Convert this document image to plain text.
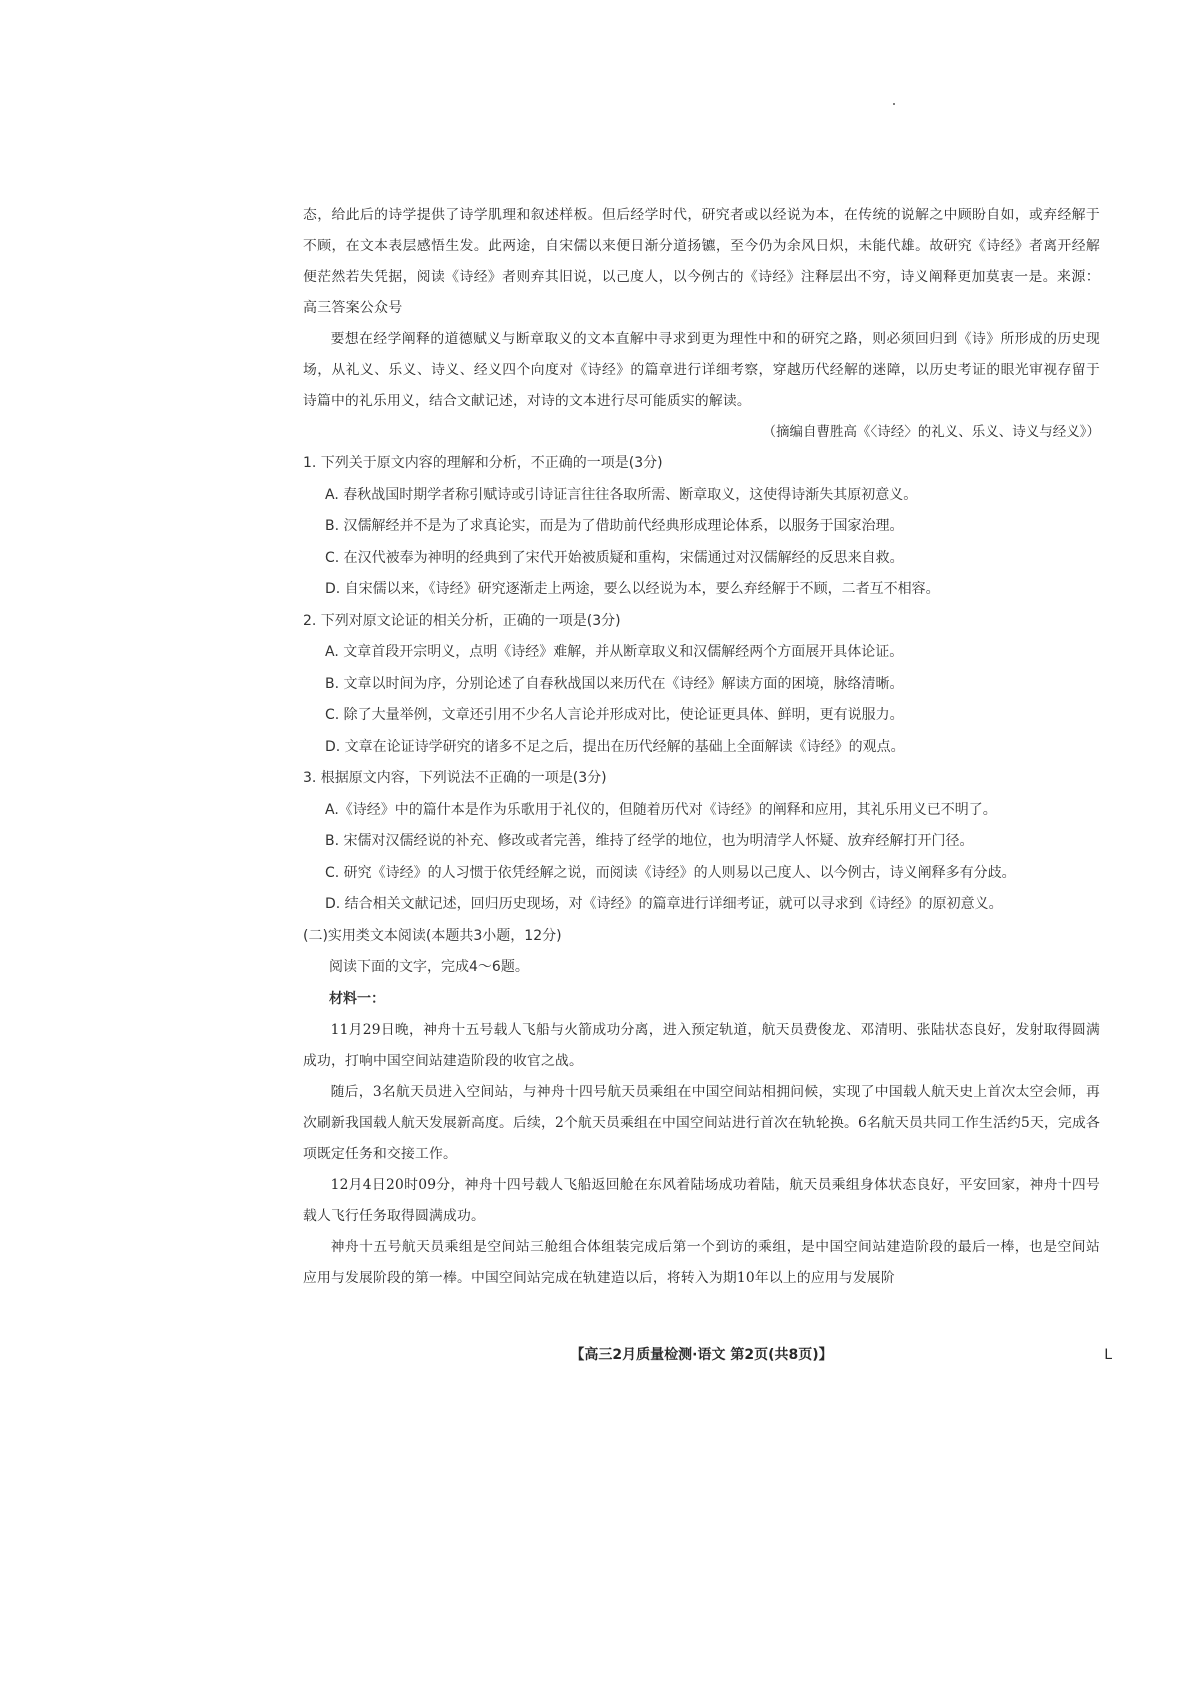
态，给此后的诗学提供了诗学肌理和叙述样板。但后经学时代，研究者或以经说为本，在传统的说解之中顾盼自如，或弃经解于不顾，在文本表层感悟生发。此两途，自宋儒以来便日渐分道扬镳，至今仍为余风日炽，未能代雄。故研究《诗经》者离开经解便茫然若失凭据，阅读《诗经》者则弃其旧说，以己度人，以今例古的《诗经》注释层出不穷，诗义阐释更加莫衷一是。来源：高三答案公众号

要想在经学阐释的道德赋义与断章取义的文本直解中寻求到更为理性中和的研究之路，则必须回归到《诗》所形成的历史现场，从礼义、乐义、诗义、经义四个向度对《诗经》的篇章进行详细考察，穿越历代经解的迷障，以历史考证的眼光审视存留于诗篇中的礼乐用义，结合文献记述，对诗的文本进行尽可能质实的解读。

（摘编自曹胜高《〈诗经〉的礼义、乐义、诗义与经义》）

1. 下列关于原文内容的理解和分析，不正确的一项是(3分)

A. 春秋战国时期学者称引赋诗或引诗证言往往各取所需、断章取义，这使得诗渐失其原初意义。

B. 汉儒解经并不是为了求真论实，而是为了借助前代经典形成理论体系，以服务于国家治理。

C. 在汉代被奉为神明的经典到了宋代开始被质疑和重构，宋儒通过对汉儒解经的反思来自救。

D. 自宋儒以来，《诗经》研究逐渐走上两途，要么以经说为本，要么弃经解于不顾，二者互不相容。

2. 下列对原文论证的相关分析，正确的一项是(3分)

A. 文章首段开宗明义，点明《诗经》难解，并从断章取义和汉儒解经两个方面展开具体论证。

B. 文章以时间为序，分别论述了自春秋战国以来历代在《诗经》解读方面的困境，脉络清晰。

C. 除了大量举例，文章还引用不少名人言论并形成对比，使论证更具体、鲜明，更有说服力。

D. 文章在论证诗学研究的诸多不足之后，提出在历代经解的基础上全面解读《诗经》的观点。

3. 根据原文内容，下列说法不正确的一项是(3分)

A.《诗经》中的篇什本是作为乐歌用于礼仪的，但随着历代对《诗经》的阐释和应用，其礼乐用义已不明了。

B. 宋儒对汉儒经说的补充、修改或者完善，维持了经学的地位，也为明清学人怀疑、放弃经解打开门径。

C. 研究《诗经》的人习惯于依凭经解之说，而阅读《诗经》的人则易以己度人、以今例古，诗义阐释多有分歧。

D. 结合相关文献记述，回归历史现场，对《诗经》的篇章进行详细考证，就可以寻求到《诗经》的原初意义。

(二)实用类文本阅读(本题共3小题，12分)

阅读下面的文字，完成4～6题。

材料一：

11月29日晚，神舟十五号载人飞船与火箭成功分离，进入预定轨道，航天员费俊龙、邓清明、张陆状态良好，发射取得圆满成功，打响中国空间站建造阶段的收官之战。

随后，3名航天员进入空间站，与神舟十四号航天员乘组在中国空间站相拥问候，实现了中国载人航天史上首次太空会师，再次刷新我国载人航天发展新高度。后续，2个航天员乘组在中国空间站进行首次在轨轮换。6名航天员共同工作生活约5天，完成各项既定任务和交接工作。

12月4日20时09分，神舟十四号载人飞船返回舱在东风着陆场成功着陆，航天员乘组身体状态良好，平安回家，神舟十四号载人飞行任务取得圆满成功。

神舟十五号航天员乘组是空间站三舱组合体组装完成后第一个到访的乘组，是中国空间站建造阶段的最后一棒，也是空间站应用与发展阶段的第一棒。中国空间站完成在轨建造以后，将转入为期10年以上的应用与发展阶

【高三2月质量检测·语文 第2页(共8页)】	L
